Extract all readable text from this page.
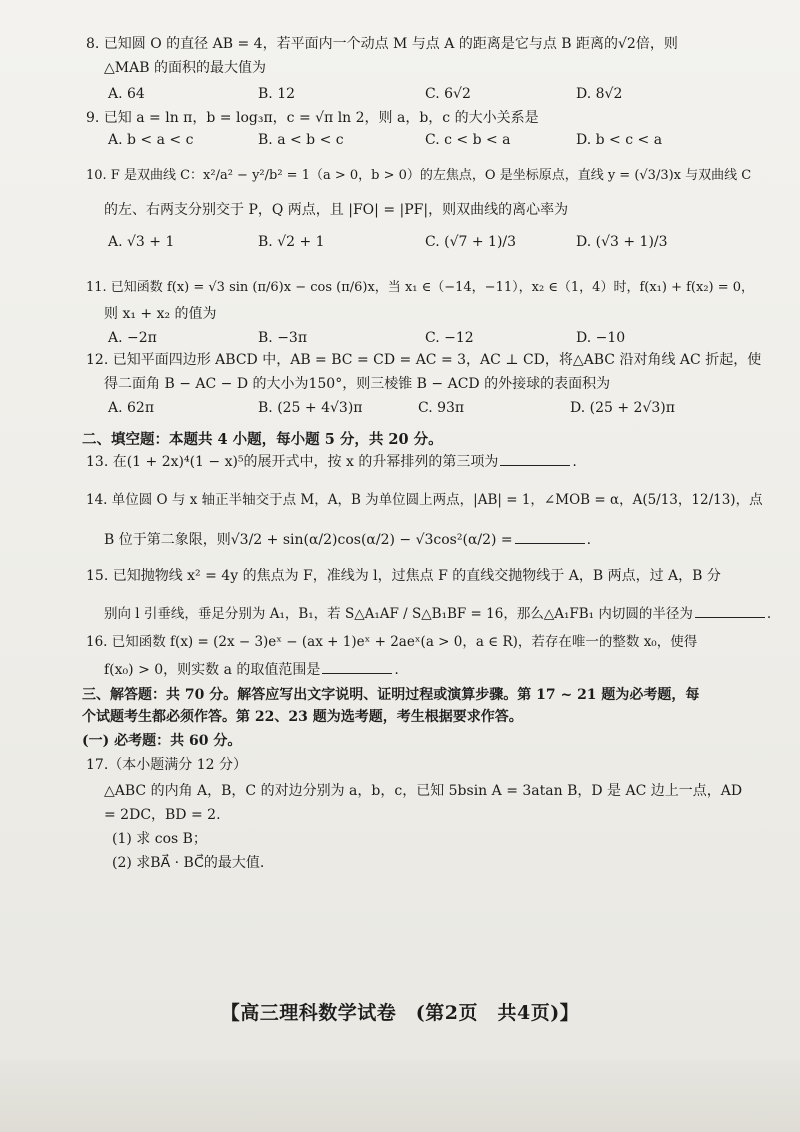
8. 已知圆 O 的直径 AB = 4，若平面内一个动点 M 与点 A 的距离是它与点 B 距离的√2倍，则
△MAB 的面积的最大值为
A. 64	B. 12	C. 6√2	D. 8√2
9. 已知 a = ln π，b = log₃π，c = √π ln 2，则 a，b，c 的大小关系是
A. b < a < c	B. a < b < c	C. c < b < a	D. b < c < a
10. F 是双曲线 C：x²/a² − y²/b² = 1（a > 0，b > 0）的左焦点，O 是坐标原点，直线 y = (√3/3)x 与双曲线 C
的左、右两支分别交于 P，Q 两点，且 |FO| = |PF|，则双曲线的离心率为
A. √3 + 1	B. √2 + 1	C. (√7 + 1)/3	D. (√3 + 1)/3
11. 已知函数 f(x) = √3 sin (π/6)x − cos (π/6)x，当 x₁ ∈（−14，−11），x₂ ∈（1，4）时，f(x₁) + f(x₂) = 0，
则 x₁ + x₂ 的值为
A. −2π	B. −3π	C. −12	D. −10
12. 已知平面四边形 ABCD 中，AB = BC = CD = AC = 3，AC ⊥ CD，将△ABC 沿对角线 AC 折起，使
得二面角 B − AC − D 的大小为150°，则三棱锥 B − ACD 的外接球的表面积为
A. 62π	B. (25 + 4√3)π	C. 93π	D. (25 + 2√3)π
二、填空题：本题共 4 小题，每小题 5 分，共 20 分。
13. 在(1 + 2x)⁴(1 − x)⁵的展开式中，按 x 的升幂排列的第三项为	.
14. 单位圆 O 与 x 轴正半轴交于点 M，A，B 为单位圆上两点，|AB| = 1，∠MOB = α，A(5/13，12/13)，点
B 位于第二象限，则√3/2 + sin(α/2)cos(α/2) − √3cos²(α/2) =	.
15. 已知抛物线 x² = 4y 的焦点为 F，准线为 l，过焦点 F 的直线交抛物线于 A，B 两点，过 A，B 分
别向 l 引垂线，垂足分别为 A₁，B₁，若 S△A₁AF / S△B₁BF = 16，那么△A₁FB₁ 内切圆的半径为	.
16. 已知函数 f(x) = (2x − 3)eˣ − (ax + 1)eˣ + 2aeˣ(a > 0，a ∈ R)，若存在唯一的整数 x₀，使得
f(x₀) > 0，则实数 a 的取值范围是	.
三、解答题：共 70 分。解答应写出文字说明、证明过程或演算步骤。第 17 ~ 21 题为必考题，每
个试题考生都必须作答。第 22、23 题为选考题，考生根据要求作答。
(一) 必考题：共 60 分。
17.（本小题满分 12 分）
△ABC 的内角 A，B，C 的对边分别为 a，b，c，已知 5bsin A = 3atan B，D 是 AC 边上一点，AD
= 2DC，BD = 2.
(1) 求 cos B；
(2) 求BA⃗ · BC⃗的最大值.
【高三理科数学试卷　(第2页　共4页)】
